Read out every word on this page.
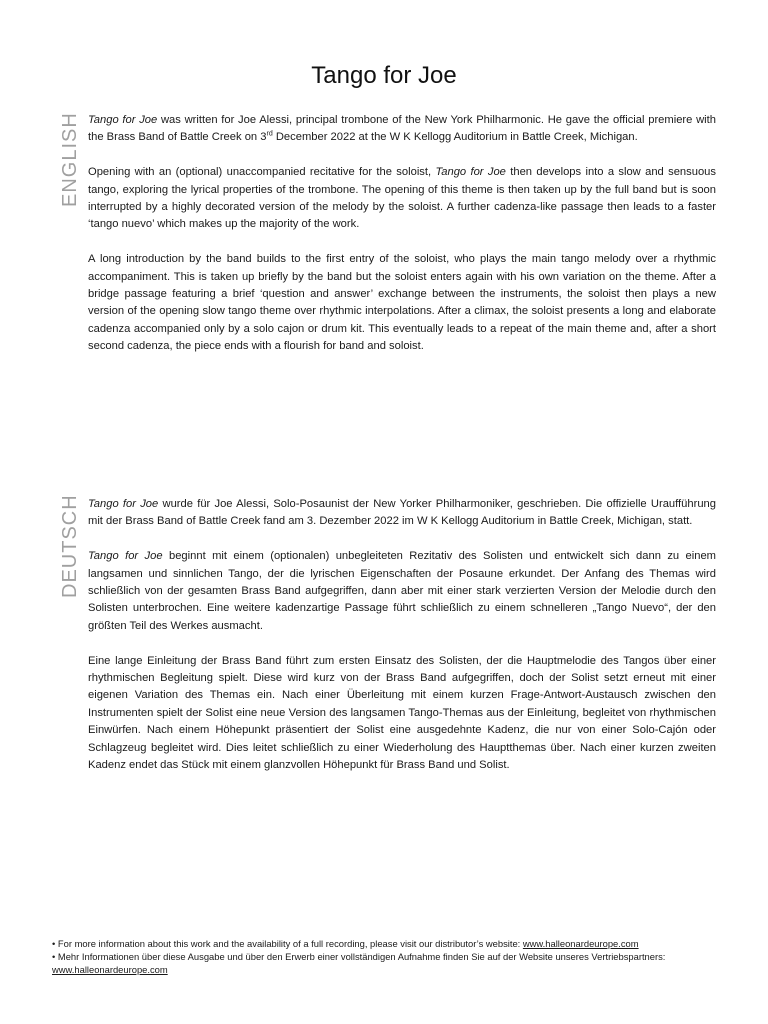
Tango for Joe
ENGLISH Tango for Joe was written for Joe Alessi, principal trombone of the New York Philharmonic. He gave the official premiere with the Brass Band of Battle Creek on 3rd December 2022 at the W K Kellogg Auditorium in Battle Creek, Michigan.

Opening with an (optional) unaccompanied recitative for the soloist, Tango for Joe then develops into a slow and sensuous tango, exploring the lyrical properties of the trombone. The opening of this theme is then taken up by the full band but is soon interrupted by a highly decorated version of the melody by the soloist. A further cadenza-like passage then leads to a faster ‘tango nuevo’ which makes up the majority of the work.

A long introduction by the band builds to the first entry of the soloist, who plays the main tango melody over a rhythmic accompaniment. This is taken up briefly by the band but the soloist enters again with his own variation on the theme. After a bridge passage featuring a brief ‘question and answer’ exchange between the instruments, the soloist then plays a new version of the opening slow tango theme over rhythmic interpolations. After a climax, the soloist presents a long and elaborate cadenza accompanied only by a solo cajon or drum kit. This eventually leads to a repeat of the main theme and, after a short second cadenza, the piece ends with a flourish for band and soloist.

DEUTSCH Tango for Joe wurde für Joe Alessi, Solo-Posaunist der New Yorker Philharmoniker, geschrieben. Die offizielle Uraufführung mit der Brass Band of Battle Creek fand am 3. Dezember 2022 im W K Kellogg Auditorium in Battle Creek, Michigan, statt.

Tango for Joe beginnt mit einem (optionalen) unbegleiteten Rezitativ des Solisten und entwickelt sich dann zu einem langsamen und sinnlichen Tango, der die lyrischen Eigenschaften der Posaune erkundet. Der Anfang des Themas wird schließlich von der gesamten Brass Band aufgegriffen, dann aber mit einer stark verzierten Version der Melodie durch den Solisten unterbrochen. Eine weitere kadenzartige Passage führt schließlich zu einem schnelleren „Tango Nuevo“, der den größten Teil des Werkes ausmacht.

Eine lange Einleitung der Brass Band führt zum ersten Einsatz des Solisten, der die Hauptmelodie des Tangos über einer rhythmischen Begleitung spielt. Diese wird kurz von der Brass Band aufgegriffen, doch der Solist setzt erneut mit einer eigenen Variation des Themas ein. Nach einer Überleitung mit einem kurzen Frage-Antwort-Austausch zwischen den Instrumenten spielt der Solist eine neue Version des langsamen Tango-Themas aus der Einleitung, begleitet von rhythmischen Einwürfen. Nach einem Höhepunkt präsentiert der Solist eine ausgedehnte Kadenz, die nur von einer Solo-Cajón oder Schlagzeug begleitet wird. Dies leitet schließlich zu einer Wiederholung des Hauptthemas über. Nach einer kurzen zweiten Kadenz endet das Stück mit einem glanzvollen Höhepunkt für Brass Band und Solist.

• For more information about this work and the availability of a full recording, please visit our distributor’s website: www.halleonardeurope.com
• Mehr Informationen über diese Ausgabe und über den Erwerb einer vollständigen Aufnahme finden Sie auf der Website unseres Vertriebspartners: www.halleonardeurope.com
